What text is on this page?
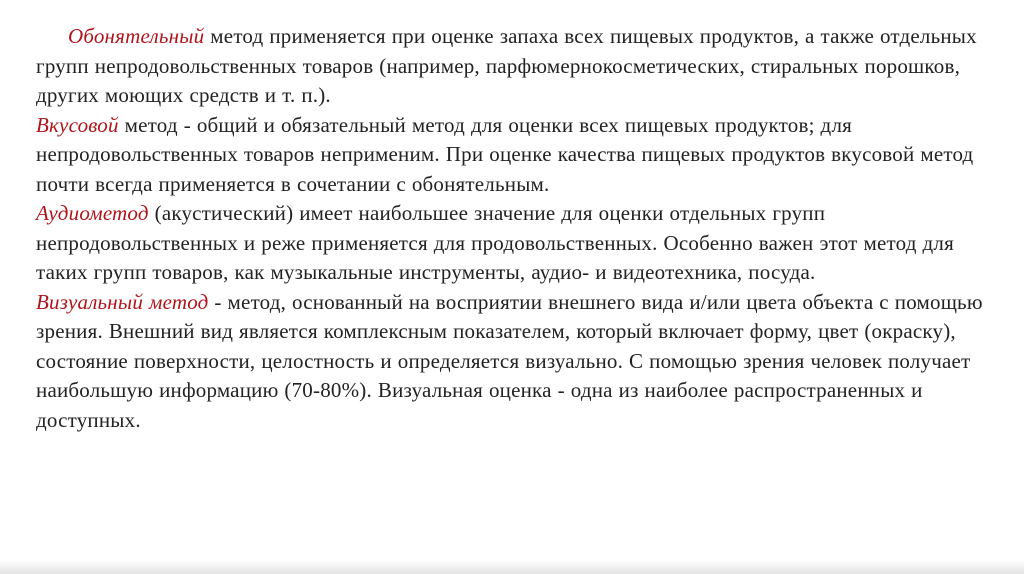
Обонятельный метод применяется при оценке запаха всех пищевых продуктов, а также отдельных групп непродовольственных товаров (например, парфюмернокосметических, стиральных порошков, других моющих средств и т. п.).

Вкусовой метод - общий и обязательный метод для оценки всех пищевых продуктов; для непродовольственных товаров неприменим. При оценке качества пищевых продуктов вкусовой метод почти всегда применяется в сочетании с обонятельным.

Аудиометод (акустический) имеет наибольшее значение для оценки отдельных групп непродовольственных и реже применяется для продовольственных. Особенно важен этот метод для таких групп товаров, как музыкальные инструменты, аудио- и видеотехника, посуда.

Визуальный метод - метод, основанный на восприятии внешнего вида и/или цвета объекта с помощью зрения. Внешний вид является комплексным показателем, который включает форму, цвет (окраску), состояние поверхности, целостность и определяется визуально. С помощью зрения человек получает наибольшую информацию (70-80%). Визуальная оценка - одна из наиболее распространенных и доступных.
